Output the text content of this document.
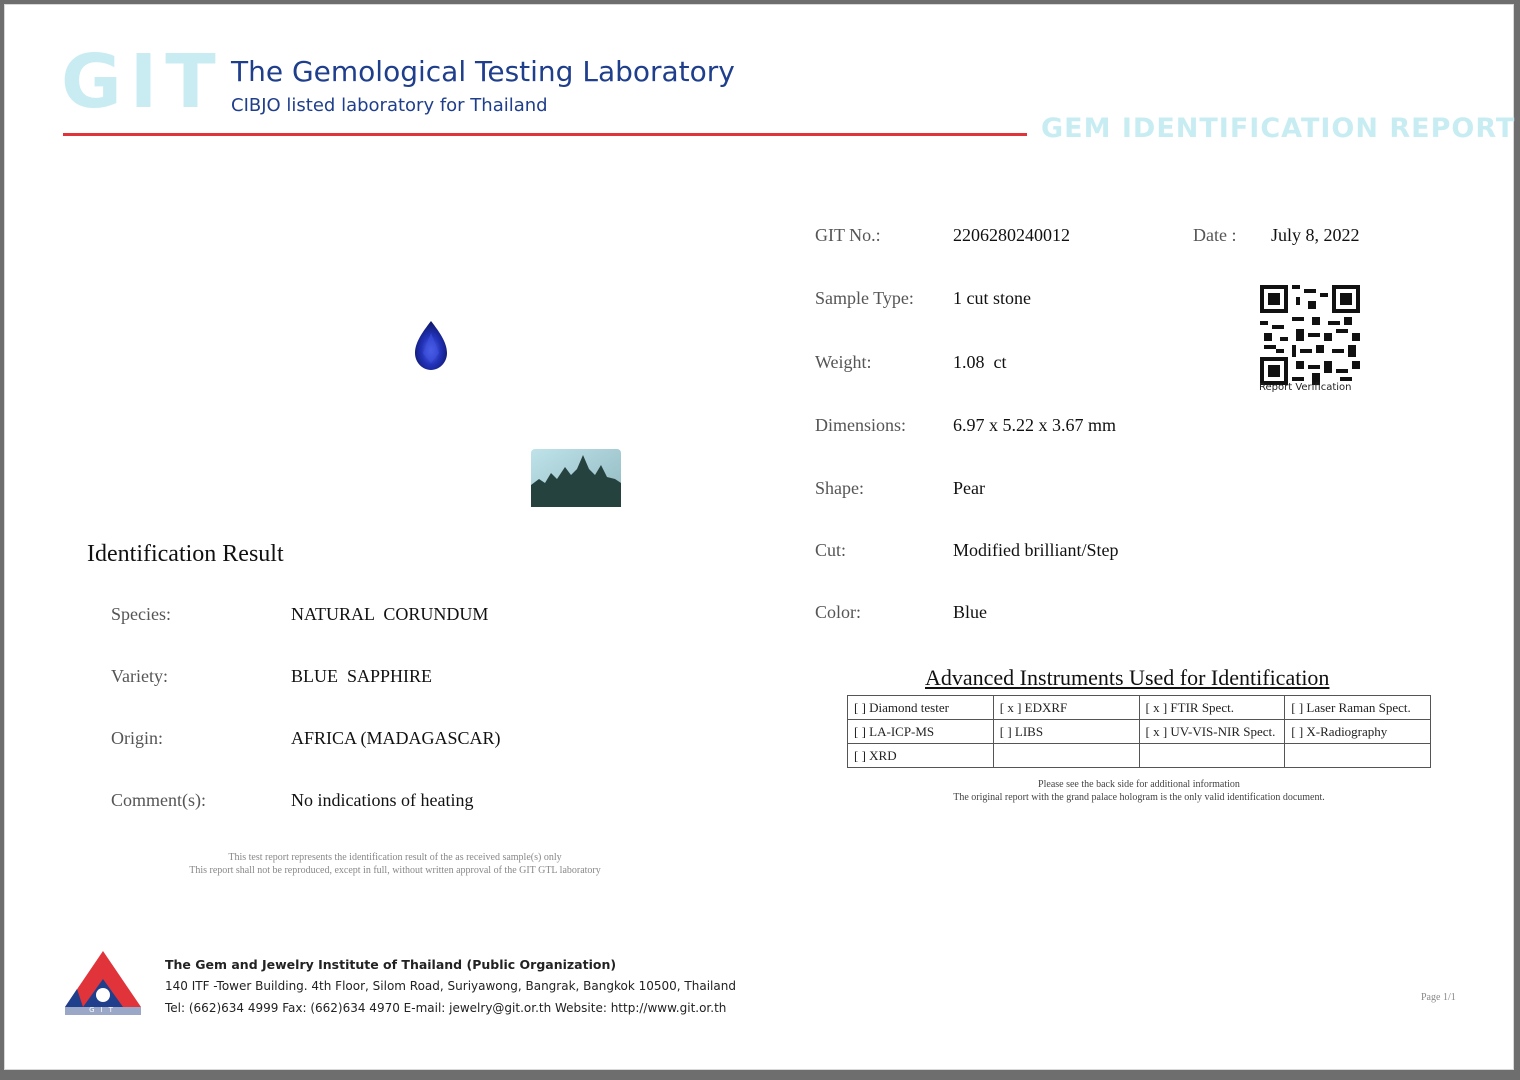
GIT The Gemological Testing Laboratory
CIBJO listed laboratory for Thailand
GEM IDENTIFICATION REPORT
GIT No.:	2206280240012	Date : July 8, 2022
Sample Type: 1 cut stone
Weight:	1.08  ct
Dimensions:	6.97 x 5.22 x 3.67 mm
Shape:	Pear
Cut:	Modified brilliant/Step
Color:	Blue
Report Verification
Identification Result
Species:	NATURAL  CORUNDUM
Variety:	BLUE  SAPPHIRE
Origin:	AFRICA (MADAGASCAR)
Comment(s):	No indications of heating
This test report represents the identification result of the as received sample(s) only
This report shall not be reproduced, except in full, without written approval of the GIT GTL laboratory
Advanced Instruments Used for Identification
[ ] Diamond tester	[ x ] EDXRF	[ x ] FTIR Spect.	[ ] Laser Raman Spect.
[ ] LA-ICP-MS	[ ] LIBS	[ x ] UV-VIS-NIR Spect.	[ ] X-Radiography
[ ] XRD			
Please see the back side for additional information
The original report with the grand palace hologram is the only valid identification document.
GIT
The Gem and Jewelry Institute of Thailand (Public Organization)
140 ITF -Tower Building. 4th Floor, Silom Road, Suriyawong, Bangrak, Bangkok 10500, Thailand
Tel: (662)634 4999 Fax: (662)634 4970 E-mail: jewelry@git.or.th Website: http://www.git.or.th
Page 1/1
